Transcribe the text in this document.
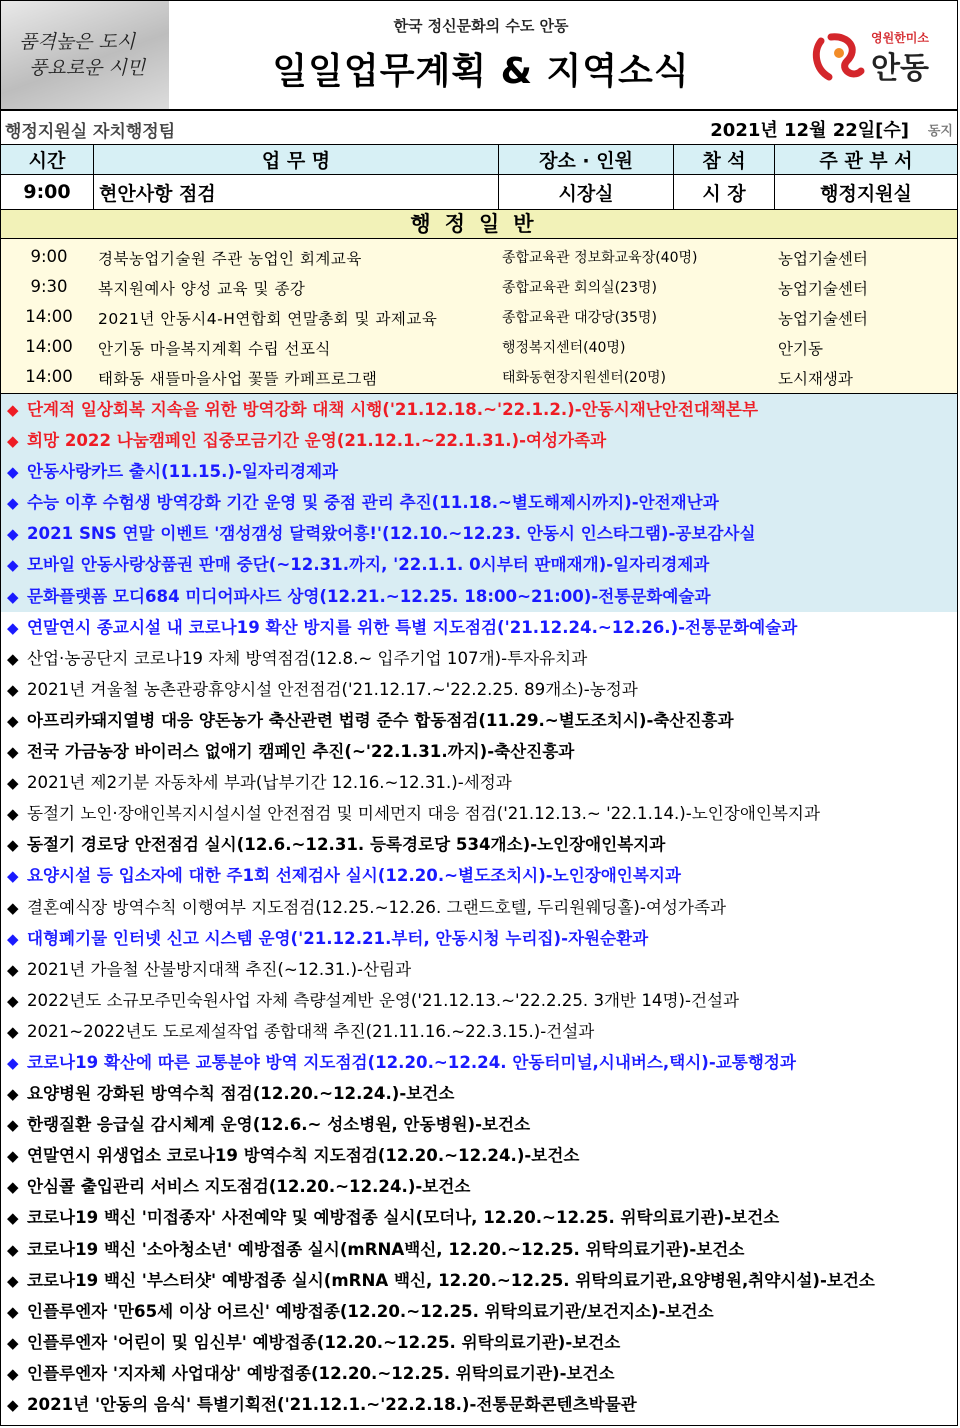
품격높은 도시
풍요로운 시민
한국 정신문화의 수도 안동
일일업무계획 & 지역소식
영원한미소
안동
행정지원실 자치행정팀	2021년 12월 22일[수] 동지
시간	업 무 명	장소 · 인원	참 석	주 관 부 서
9:00	현안사항 점검	시장실	시 장	행정지원실
행정일반
9:00	경북농업기술원 주관 농업인 회계교육	종합교육관 정보화교육장(40명)	농업기술센터
9:30	복지원예사 양성 교육 및 종강	종합교육관 회의실(23명)	농업기술센터
14:00	2021년 안동시4-H연합회 연말총회 및 과제교육	종합교육관 대강당(35명)	농업기술센터
14:00	안기동 마을복지계획 수립 선포식	행정복지센터(40명)	안기동
14:00	태화동 새뜰마을사업 꽃뜰 카페프로그램	태화동현장지원센터(20명)	도시재생과
◆ 단계적 일상회복 지속을 위한 방역강화 대책 시행('21.12.18.~'22.1.2.)-안동시재난안전대책본부
◆ 희망 2022 나눔캠페인 집중모금기간 운영(21.12.1.~22.1.31.)-여성가족과
◆ 안동사랑카드 출시(11.15.)-일자리경제과
◆ 수능 이후 수험생 방역강화 기간 운영 및 중점 관리 추진(11.18.~별도해제시까지)-안전재난과
◆ 2021 SNS 연말 이벤트 '갬성갬성 달력왔어흥!'(12.10.~12.23. 안동시 인스타그램)-공보감사실
◆ 모바일 안동사랑상품권 판매 중단(~12.31.까지, '22.1.1. 0시부터 판매재개)-일자리경제과
◆ 문화플랫폼 모디684 미디어파사드 상영(12.21.~12.25. 18:00~21:00)-전통문화예술과
◆ 연말연시 종교시설 내 코로나19 확산 방지를 위한 특별 지도점검('21.12.24.~12.26.)-전통문화예술과
◆ 산업·농공단지 코로나19 자체 방역점검(12.8.~ 입주기업 107개)-투자유치과
◆ 2021년 겨울철 농촌관광휴양시설 안전점검('21.12.17.~'22.2.25. 89개소)-농정과
◆ 아프리카돼지열병 대응 양돈농가 축산관련 법령 준수 합동점검(11.29.~별도조치시)-축산진흥과
◆ 전국 가금농장 바이러스 없애기 캠페인 추진(~'22.1.31.까지)-축산진흥과
◆ 2021년 제2기분 자동차세 부과(납부기간 12.16.~12.31.)-세정과
◆ 동절기 노인·장애인복지시설시설 안전점검 및 미세먼지 대응 점검('21.12.13.~ '22.1.14.)-노인장애인복지과
◆ 동절기 경로당 안전점검 실시(12.6.~12.31. 등록경로당 534개소)-노인장애인복지과
◆ 요양시설 등 입소자에 대한 주1회 선제검사 실시(12.20.~별도조치시)-노인장애인복지과
◆ 결혼예식장 방역수칙 이행여부 지도점검(12.25.~12.26. 그랜드호텔, 두리원웨딩홀)-여성가족과
◆ 대형폐기물 인터넷 신고 시스템 운영('21.12.21.부터, 안동시청 누리집)-자원순환과
◆ 2021년 가을철 산불방지대책 추진(~12.31.)-산림과
◆ 2022년도 소규모주민숙원사업 자체 측량설계반 운영('21.12.13.~'22.2.25. 3개반 14명)-건설과
◆ 2021~2022년도 도로제설작업 종합대책 추진(21.11.16.~22.3.15.)-건설과
◆ 코로나19 확산에 따른 교통분야 방역 지도점검(12.20.~12.24. 안동터미널,시내버스,택시)-교통행정과
◆ 요양병원 강화된 방역수칙 점검(12.20.~12.24.)-보건소
◆ 한랭질환 응급실 감시체계 운영(12.6.~ 성소병원, 안동병원)-보건소
◆ 연말연시 위생업소 코로나19 방역수칙 지도점검(12.20.~12.24.)-보건소
◆ 안심콜 출입관리 서비스 지도점검(12.20.~12.24.)-보건소
◆ 코로나19 백신 '미접종자' 사전예약 및 예방접종 실시(모더나, 12.20.~12.25. 위탁의료기관)-보건소
◆ 코로나19 백신 '소아청소년' 예방접종 실시(mRNA백신, 12.20.~12.25. 위탁의료기관)-보건소
◆ 코로나19 백신 '부스터샷' 예방접종 실시(mRNA 백신, 12.20.~12.25. 위탁의료기관,요양병원,취약시설)-보건소
◆ 인플루엔자 '만65세 이상 어르신' 예방접종(12.20.~12.25. 위탁의료기관/보건지소)-보건소
◆ 인플루엔자 '어린이 및 임신부' 예방접종(12.20.~12.25. 위탁의료기관)-보건소
◆ 인플루엔자 '지자체 사업대상' 예방접종(12.20.~12.25. 위탁의료기관)-보건소
◆ 2021년 '안동의 음식' 특별기획전('21.12.1.~'22.2.18.)-전통문화콘텐츠박물관
